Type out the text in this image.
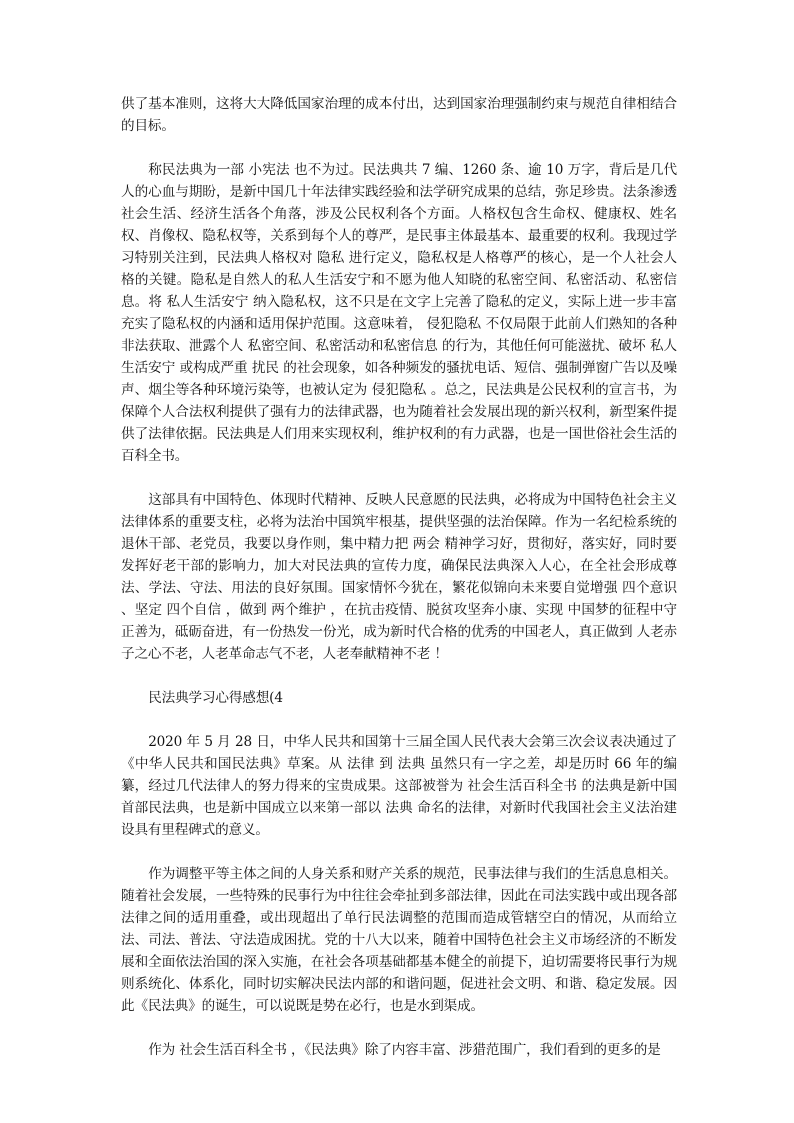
供了基本准则，这将大大降低国家治理的成本付出，达到国家治理强制约束与规范自律相结合的目标。

称民法典为一部 小宪法 也不为过。民法典共 7 编、1260 条、逾 10 万字，背后是几代人的心血与期盼，是新中国几十年法律实践经验和法学研究成果的总结，弥足珍贵。法条渗透社会生活、经济生活各个角落，涉及公民权利各个方面。人格权包含生命权、健康权、姓名权、肖像权、隐私权等，关系到每个人的尊严，是民事主体最基本、最重要的权利。我现过学习特别关注到，民法典人格权对 隐私 进行定义，隐私权是人格尊严的核心，是一个人社会人格的关键。隐私是自然人的私人生活安宁和不愿为他人知晓的私密空间、私密活动、私密信息。将 私人生活安宁 纳入隐私权，这不只是在文字上完善了隐私的定义，实际上进一步丰富充实了隐私权的内涵和适用保护范围。这意味着， 侵犯隐私 不仅局限于此前人们熟知的各种非法获取、泄露个人 私密空间、私密活动和私密信息 的行为，其他任何可能滋扰、破坏 私人生活安宁 或构成严重 扰民 的社会现象，如各种频发的骚扰电话、短信、强制弹窗广告以及噪声、烟尘等各种环境污染等，也被认定为 侵犯隐私 。总之，民法典是公民权利的宣言书，为保障个人合法权利提供了强有力的法律武器，也为随着社会发展出现的新兴权利，新型案件提供了法律依据。民法典是人们用来实现权利，维护权利的有力武器，也是一国世俗社会生活的百科全书。

这部具有中国特色、体现时代精神、反映人民意愿的民法典，必将成为中国特色社会主义法律体系的重要支柱，必将为法治中国筑牢根基，提供坚强的法治保障。作为一名纪检系统的退休干部、老党员，我要以身作则，集中精力把 两会 精神学习好，贯彻好，落实好，同时要发挥好老干部的影响力，加大对民法典的宣传力度，确保民法典深入人心，在全社会形成尊法、学法、守法、用法的良好氛围。国家情怀今犹在，繁花似锦向未来要自觉增强 四个意识 、坚定 四个自信 ，做到 两个维护 ，在抗击疫情、脱贫攻坚奔小康、实现 中国梦的征程中守正善为，砥砺奋进，有一份热发一份光，成为新时代合格的优秀的中国老人，真正做到 人老赤子之心不老，人老革命志气不老，人老奉献精神不老 ！

民法典学习心得感想(4

2020 年 5 月 28 日，中华人民共和国第十三届全国人民代表大会第三次会议表决通过了《中华人民共和国民法典》草案。从 法律 到 法典 虽然只有一字之差，却是历时 66 年的编纂，经过几代法律人的努力得来的宝贵成果。这部被誉为 社会生活百科全书 的法典是新中国首部民法典，也是新中国成立以来第一部以 法典 命名的法律，对新时代我国社会主义法治建设具有里程碑式的意义。

作为调整平等主体之间的人身关系和财产关系的规范，民事法律与我们的生活息息相关。随着社会发展，一些特殊的民事行为中往往会牵扯到多部法律，因此在司法实践中或出现各部法律之间的适用重叠，或出现超出了单行民法调整的范围而造成管辖空白的情况，从而给立法、司法、普法、守法造成困扰。党的十八大以来，随着中国特色社会主义市场经济的不断发展和全面依法治国的深入实施，在社会各项基础都基本健全的前提下，迫切需要将民事行为规则系统化、体系化，同时切实解决民法内部的和谐问题，促进社会文明、和谐、稳定发展。因此《民法典》的诞生，可以说既是势在必行，也是水到渠成。

作为 社会生活百科全书 ，《民法典》除了内容丰富、涉猎范围广，我们看到的更多的是
